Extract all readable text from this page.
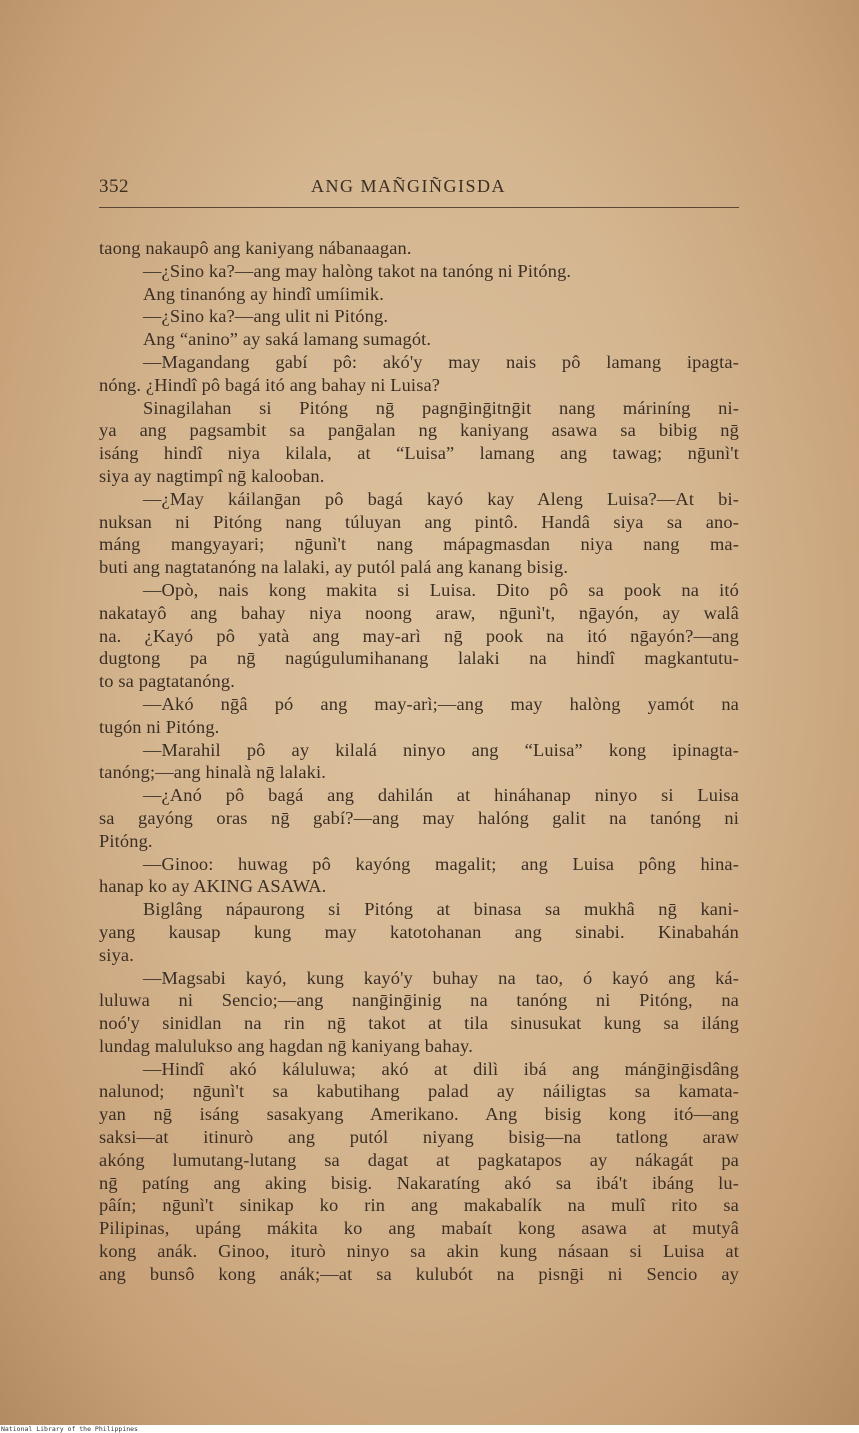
352	ANG MAÑGIÑGISDA
taong nakaupô ang kaniyang nábanaagan.
—¿Sino ka?—ang may halòng takot na tanóng ni Pitóng.
Ang tinanóng ay hindî umíimik.
—¿Sino ka?—ang ulit ni Pitóng.
Ang “anino” ay saká lamang sumagót.
—Magandang gabí pô: akó'y may nais pô lamang ipagta-
nóng. ¿Hindî pô bagá itó ang bahay ni Luisa?
Sinagilahan si Pitóng nḡ pagnḡinḡitnḡit nang máriníng ni-
ya ang pagsambit sa panḡalan ng kaniyang asawa sa bibig nḡ
isáng hindî niya kilala, at “Luisa” lamang ang tawag; nḡunì't
siya ay nagtimpî nḡ kalooban.
—¿May káilanḡan pô bagá kayó kay Aleng Luisa?—At bi-
nuksan ni Pitóng nang túluyan ang pintô. Handâ siya sa ano-
máng mangyayari; nḡunì't nang mápagmasdan niya nang ma-
buti ang nagtatanóng na lalaki, ay putól palá ang kanang bisig.
—Opò, nais kong makita si Luisa. Dito pô sa pook na itó
nakatayô ang bahay niya noong araw, nḡunì't, nḡayón, ay walâ
na. ¿Kayó pô yatà ang may-arì nḡ pook na itó nḡayón?—ang
dugtong pa nḡ nagúgulumihanang lalaki na hindî magkantutu-
to sa pagtatanóng.
—Akó nḡâ pó ang may-arì;—ang may halòng yamót na
tugón ni Pitóng.
—Marahil pô ay kilalá ninyo ang “Luisa” kong ipinagta-
tanóng;—ang hinalà nḡ lalaki.
—¿Anó pô bagá ang dahilán at hináhanap ninyo si Luisa
sa gayóng oras nḡ gabí?—ang may halóng galit na tanóng ni
Pitóng.
—Ginoo: huwag pô kayóng magalit; ang Luisa pông hina-
hanap ko ay AKING ASAWA.
Biglâng nápaurong si Pitóng at binasa sa mukhâ nḡ kani-
yang kausap kung may katotohanan ang sinabi. Kinabahán
siya.
—Magsabi kayó, kung kayó'y buhay na tao, ó kayó ang ká-
luluwa ni Sencio;—ang nanḡinḡinig na tanóng ni Pitóng, na
noó'y sinidlan na rin nḡ takot at tila sinusukat kung sa iláng
lundag malulukso ang hagdan nḡ kaniyang bahay.
—Hindî akó káluluwa; akó at dilì ibá ang mánḡinḡisdâng
nalunod; nḡunì't sa kabutihang palad ay náiligtas sa kamata-
yan nḡ isáng sasakyang Amerikano. Ang bisig kong itó—ang
saksi—at itinurò ang putól niyang bisig—na tatlong araw
akóng lumutang-lutang sa dagat at pagkatapos ay nákagát pa
nḡ patíng ang aking bisig. Nakaratíng akó sa ibá't ibáng lu-
pâín; nḡunì't sinikap ko rin ang makabalík na mulî rito sa
Pilipinas, upáng mákita ko ang mabaít kong asawa at mutyâ
kong anák. Ginoo, iturò ninyo sa akin kung násaan si Luisa at
ang bunsô kong anák;—at sa kulubót na pisnḡi ni Sencio ay
National Library of the Philippines
